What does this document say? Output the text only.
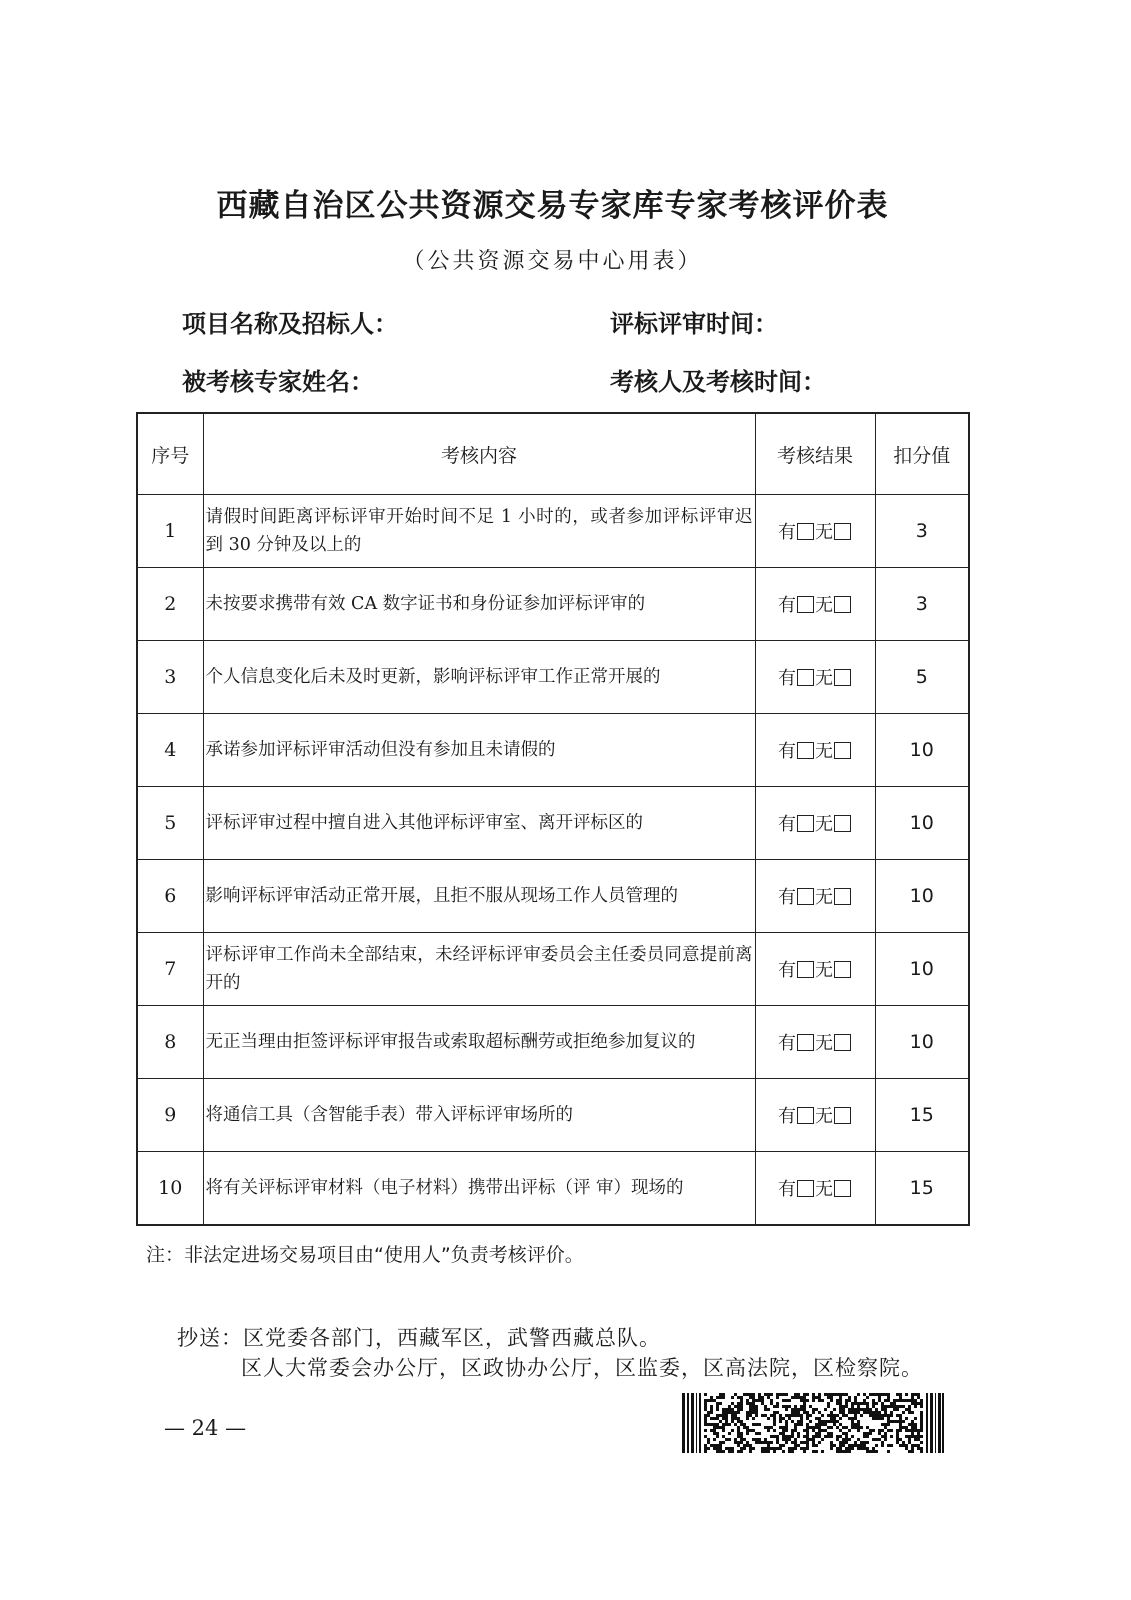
西藏自治区公共资源交易专家库专家考核评价表
（公共资源交易中心用表）
项目名称及招标人：	评标评审时间：
被考核专家姓名：	考核人及考核时间：
序号	考核内容	考核结果	扣分值
1	请假时间距离评标评审开始时间不足 1 小时的，或者参加评标评审迟到 30 分钟及以上的	有 无	3
2	未按要求携带有效 CA 数字证书和身份证参加评标评审的	有 无	3
3	个人信息变化后未及时更新，影响评标评审工作正常开展的	有 无	5
4	承诺参加评标评审活动但没有参加且未请假的	有 无	10
5	评标评审过程中擅自进入其他评标评审室、离开评标区的	有 无	10
6	影响评标评审活动正常开展，且拒不服从现场工作人员管理的	有 无	10
7	评标评审工作尚未全部结束，未经评标评审委员会主任委员同意提前离开的	有 无	10
8	无正当理由拒签评标评审报告或索取超标酬劳或拒绝参加复议的	有 无	10
9	将通信工具（含智能手表）带入评标评审场所的	有 无	15
10	将有关评标评审材料（电子材料）携带出评标（评 审）现场的	有 无	15
注：非法定进场交易项目由“使用人”负责考核评价。
抄送：区党委各部门，西藏军区，武警西藏总队。
区人大常委会办公厅，区政协办公厅，区监委，区高法院，区检察院。
— 24 —
